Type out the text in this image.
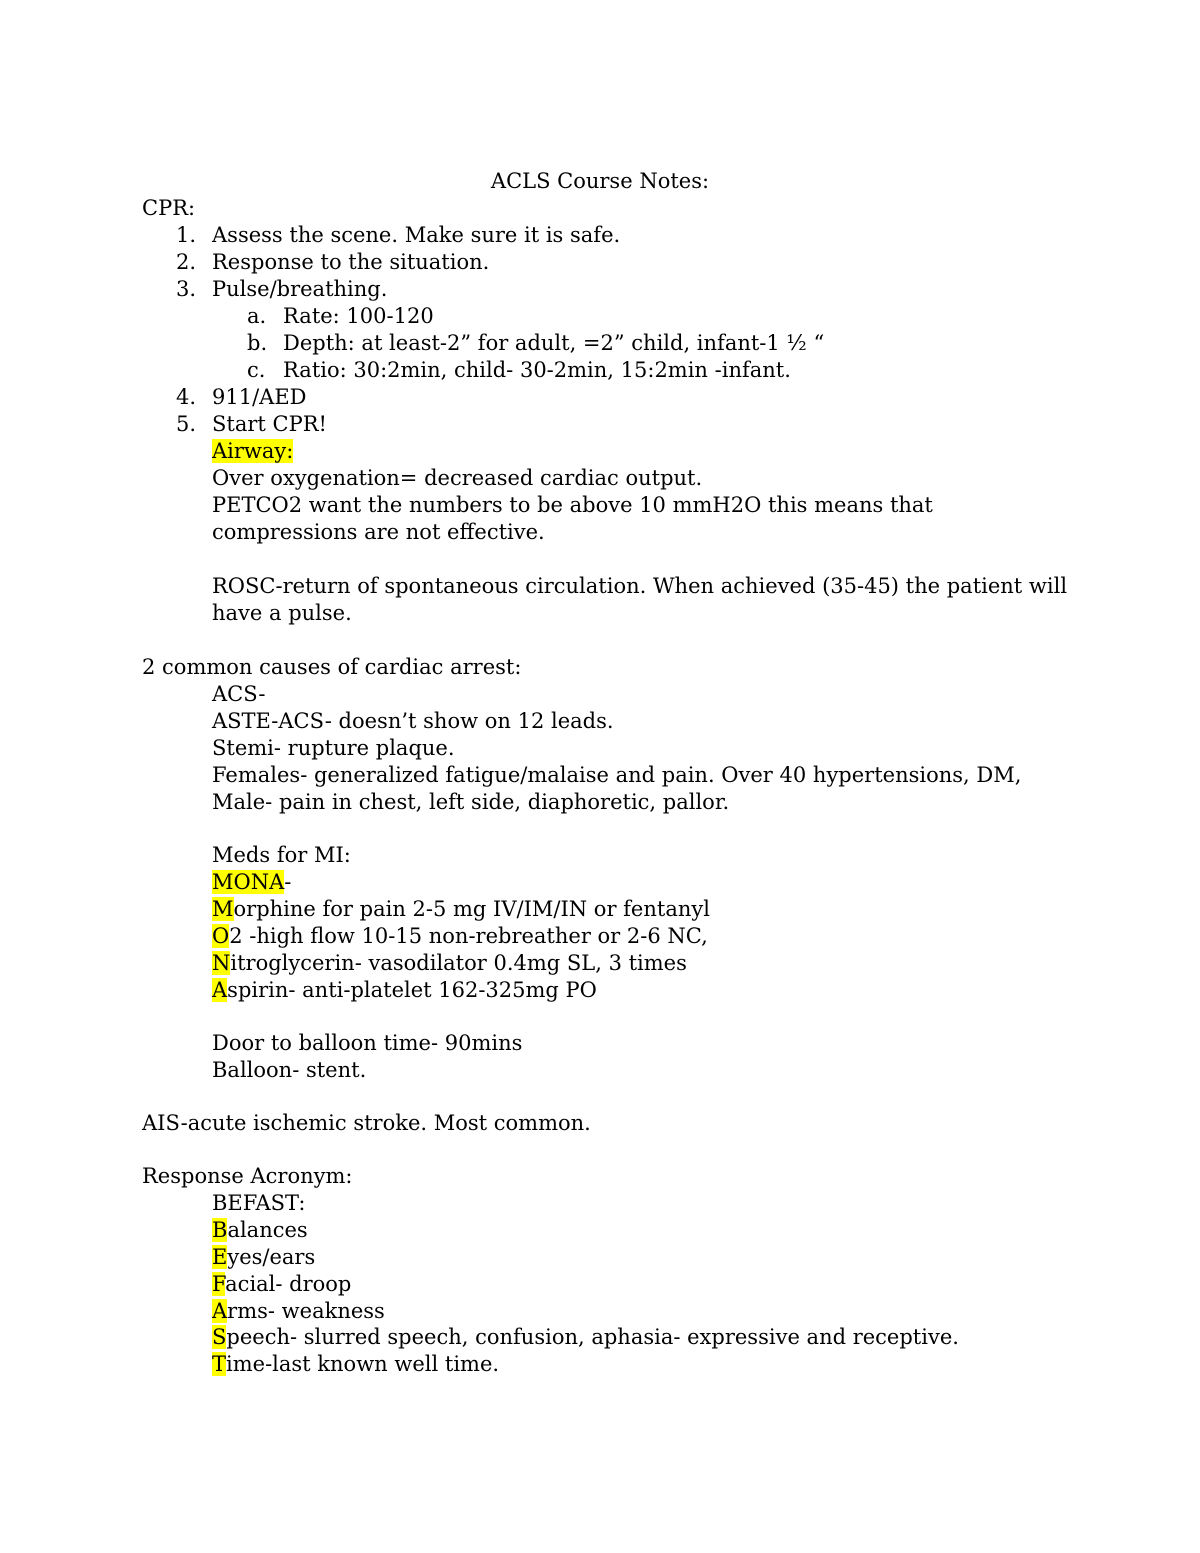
ACLS Course Notes:
CPR:
1. Assess the scene. Make sure it is safe.
2. Response to the situation.
3. Pulse/breathing.
a. Rate: 100-120
b. Depth: at least-2” for adult, =2” child, infant-1 ½ “
c. Ratio: 30:2min, child- 30-2min, 15:2min -infant.
4. 911/AED
5. Start CPR!
Airway:
Over oxygenation= decreased cardiac output.
PETCO2 want the numbers to be above 10 mmH2O this means that
compressions are not effective.
ROSC-return of spontaneous circulation. When achieved (35-45) the patient will
have a pulse.
2 common causes of cardiac arrest:
ACS-
ASTE-ACS- doesn’t show on 12 leads.
Stemi- rupture plaque.
Females- generalized fatigue/malaise and pain. Over 40 hypertensions, DM,
Male- pain in chest, left side, diaphoretic, pallor.
Meds for MI:
MONA-
Morphine for pain 2-5 mg IV/IM/IN or fentanyl
O2 -high flow 10-15 non-rebreather or 2-6 NC,
Nitroglycerin- vasodilator 0.4mg SL, 3 times
Aspirin- anti-platelet 162-325mg PO
Door to balloon time- 90mins
Balloon- stent.
AIS-acute ischemic stroke. Most common.
Response Acronym:
BEFAST:
Balances
Eyes/ears
Facial- droop
Arms- weakness
Speech- slurred speech, confusion, aphasia- expressive and receptive.
Time-last known well time.
